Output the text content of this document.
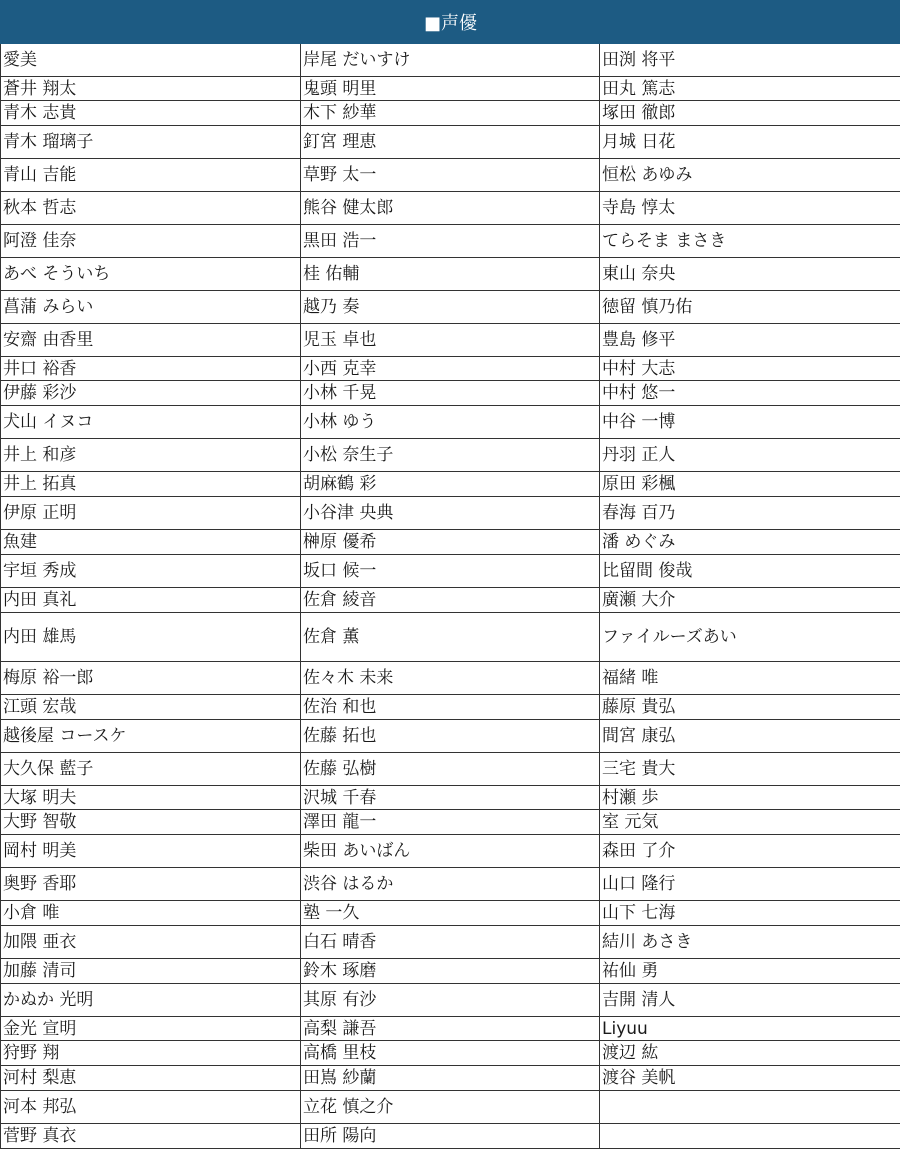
■声優		
愛美	岸尾 だいすけ	田渕 将平
蒼井 翔太	鬼頭 明里	田丸 篤志
青木 志貴	木下 紗華	塚田 徹郎
青木 瑠璃子	釘宮 理恵	月城 日花
青山 吉能	草野 太一	恒松 あゆみ
秋本 哲志	熊谷 健太郎	寺島 惇太
阿澄 佳奈	黒田 浩一	てらそま まさき
あべ そういち	桂 佑輔	東山 奈央
菖蒲 みらい	越乃 奏	徳留 慎乃佑
安齋 由香里	児玉 卓也	豊島 修平
井口 裕香	小西 克幸	中村 大志
伊藤 彩沙	小林 千晃	中村 悠一
犬山 イヌコ	小林 ゆう	中谷 一博
井上 和彦	小松 奈生子	丹羽 正人
井上 拓真	胡麻鶴 彩	原田 彩楓
伊原 正明	小谷津 央典	春海 百乃
魚建	榊原 優希	潘 めぐみ
宇垣 秀成	坂口 候一	比留間 俊哉
内田 真礼	佐倉 綾音	廣瀬 大介
内田 雄馬	佐倉 薫	ファイルーズあい
梅原 裕一郎	佐々木 未来	福緒 唯
江頭 宏哉	佐治 和也	藤原 貴弘
越後屋 コースケ	佐藤 拓也	間宮 康弘
大久保 藍子	佐藤 弘樹	三宅 貴大
大塚 明夫	沢城 千春	村瀬 歩
大野 智敬	澤田 龍一	室 元気
岡村 明美	柴田 あいばん	森田 了介
奥野 香耶	渋谷 はるか	山口 隆行
小倉 唯	塾 一久	山下 七海
加隈 亜衣	白石 晴香	結川 あさき
加藤 清司	鈴木 琢磨	祐仙 勇
かぬか 光明	其原 有沙	吉開 清人
金光 宣明	高梨 謙吾	Liyuu
狩野 翔	高橋 里枝	渡辺 紘
河村 梨恵	田嶌 紗蘭	渡谷 美帆
河本 邦弘	立花 慎之介	
菅野 真衣	田所 陽向	
